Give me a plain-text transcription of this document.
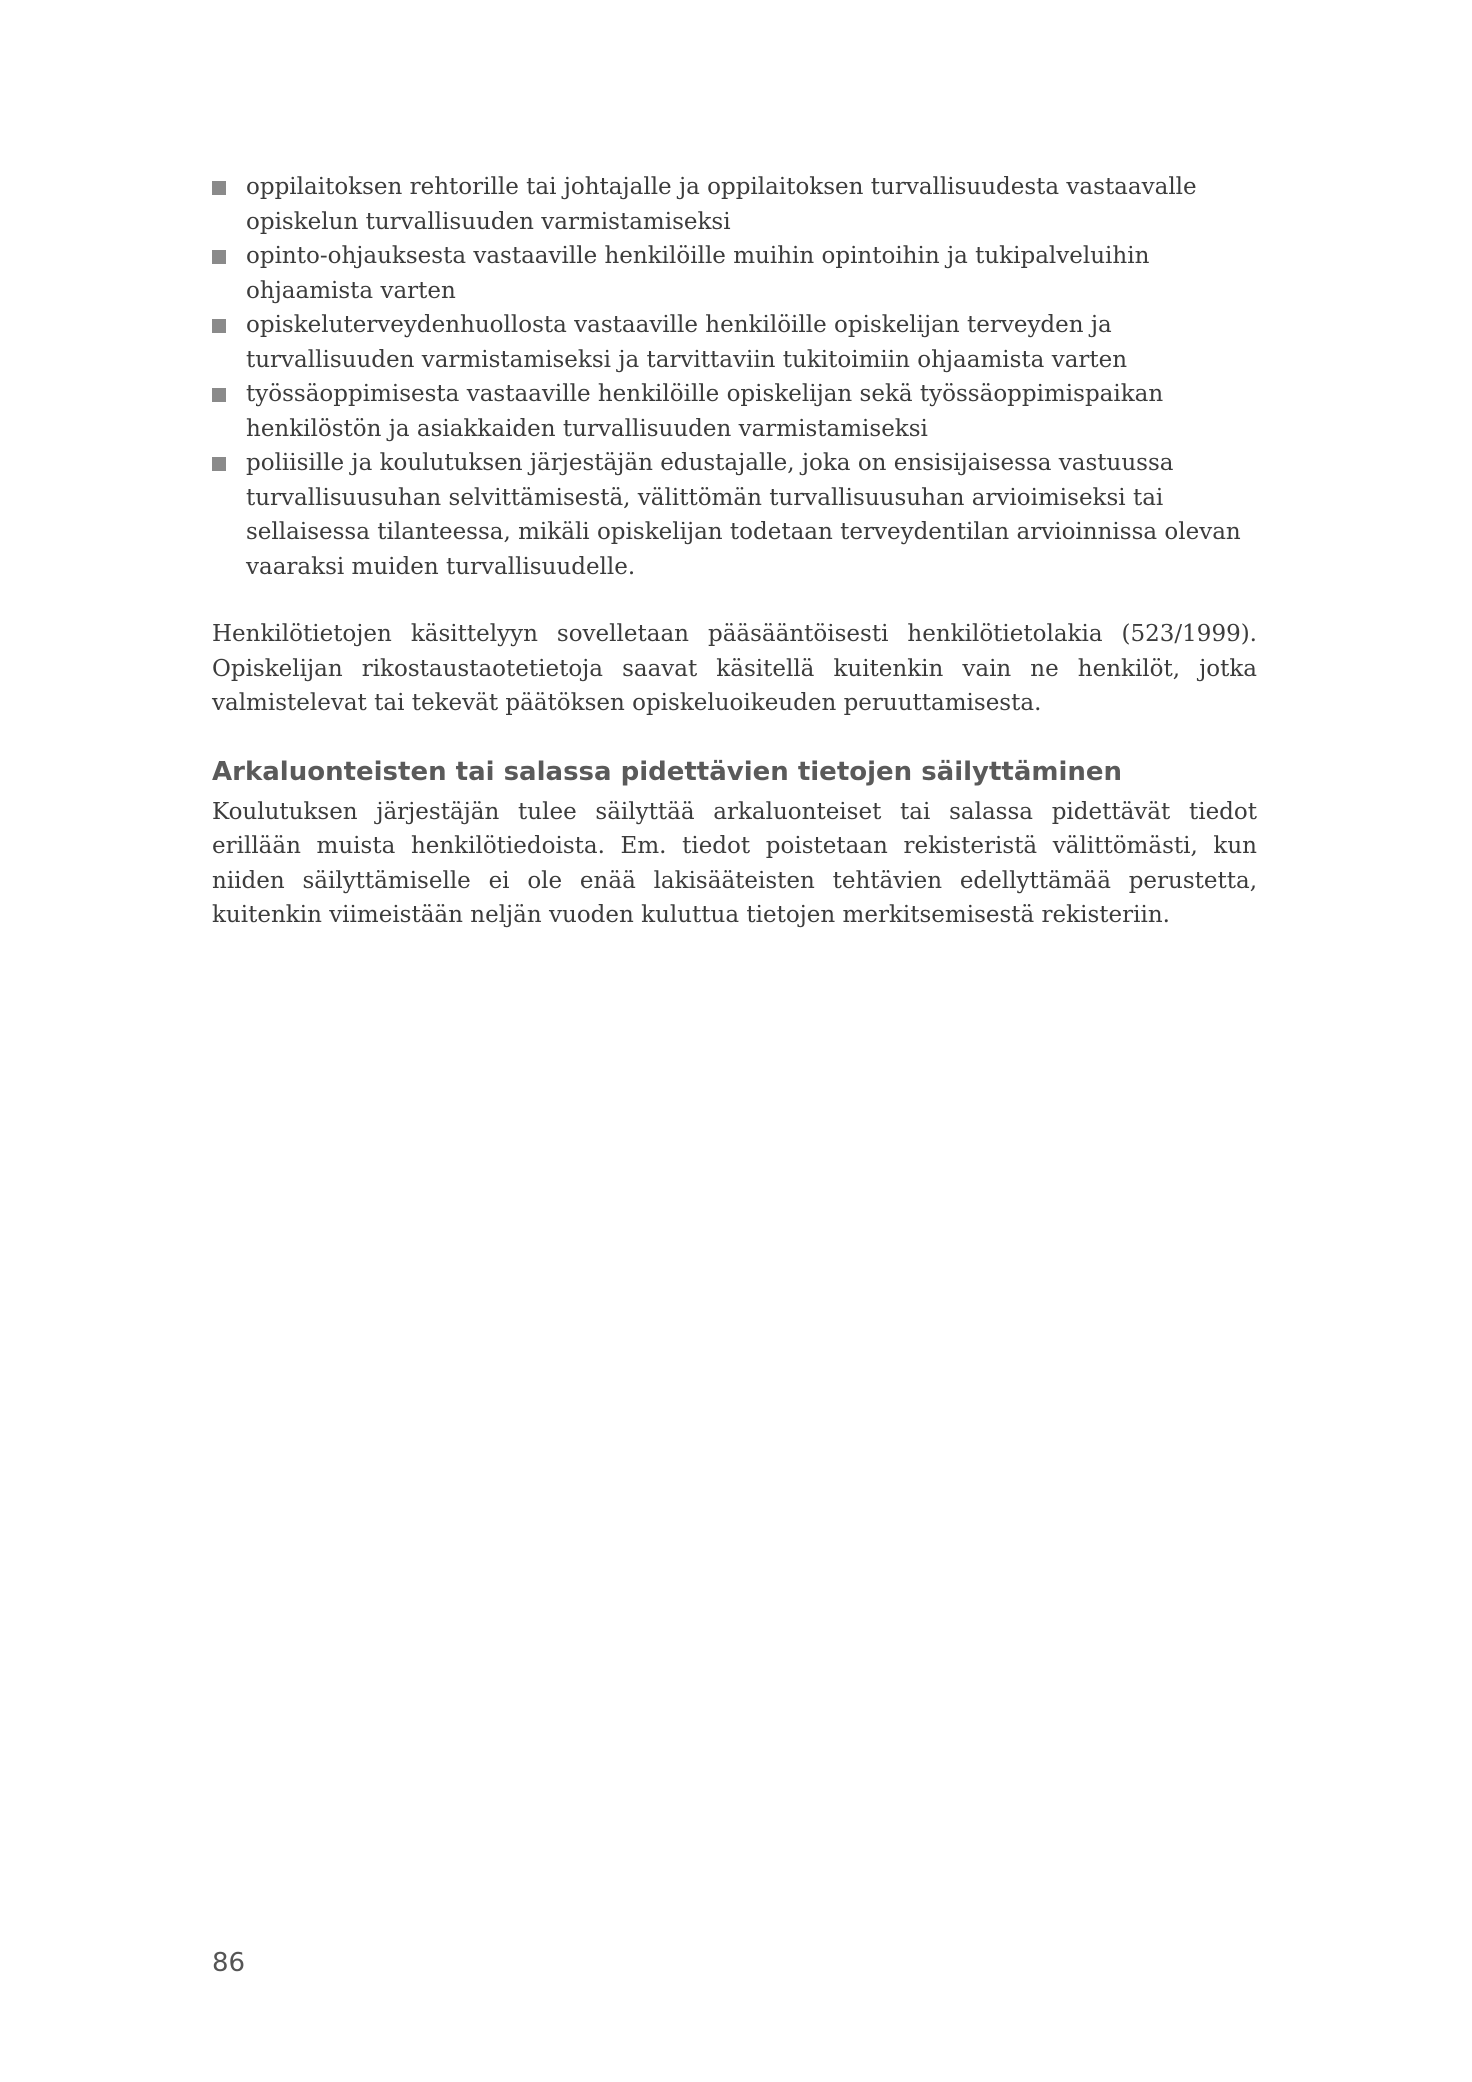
oppilaitoksen rehtorille tai johtajalle ja oppilaitoksen turvallisuudesta vastaavalle opiskelun turvallisuuden varmistamiseksi
opinto-ohjauksesta vastaaville henkilöille muihin opintoihin ja tukipalveluihin ohjaamista varten
opiskeluterveydenhuollosta vastaaville henkilöille opiskelijan terveyden ja turvallisuuden varmistamiseksi ja tarvittaviin tukitoimiin ohjaamista varten
työssäoppimisesta vastaaville henkilöille opiskelijan sekä työssäoppimispaikan henkilöstön ja asiakkaiden turvallisuuden varmistamiseksi
poliisille ja koulutuksen järjestäjän edustajalle, joka on ensisijaisessa vastuussa turvallisuusuhan selvittämisestä, välittömän turvallisuusuhan arvioimiseksi tai sellaisessa tilanteessa, mikäli opiskelijan todetaan terveydentilan arvioinnissa olevan vaaraksi muiden turvallisuudelle.

Henkilötietojen käsittelyyn sovelletaan pääsääntöisesti henkilötietolakia (523/1999). Opiskelijan rikostaustaotetietoja saavat käsitellä kuitenkin vain ne henkilöt, jotka valmistelevat tai tekevät päätöksen opiskeluoikeuden peruuttamisesta.

Arkaluonteisten tai salassa pidettävien tietojen säilyttäminen

Koulutuksen järjestäjän tulee säilyttää arkaluonteiset tai salassa pidettävät tiedot erillään muista henkilötiedoista. Em. tiedot poistetaan rekisteristä välittömästi, kun niiden säilyttämiselle ei ole enää lakisääteisten tehtävien edellyttämää perustetta, kuitenkin viimeistään neljän vuoden kuluttua tietojen merkitsemisestä rekisteriin.

86
